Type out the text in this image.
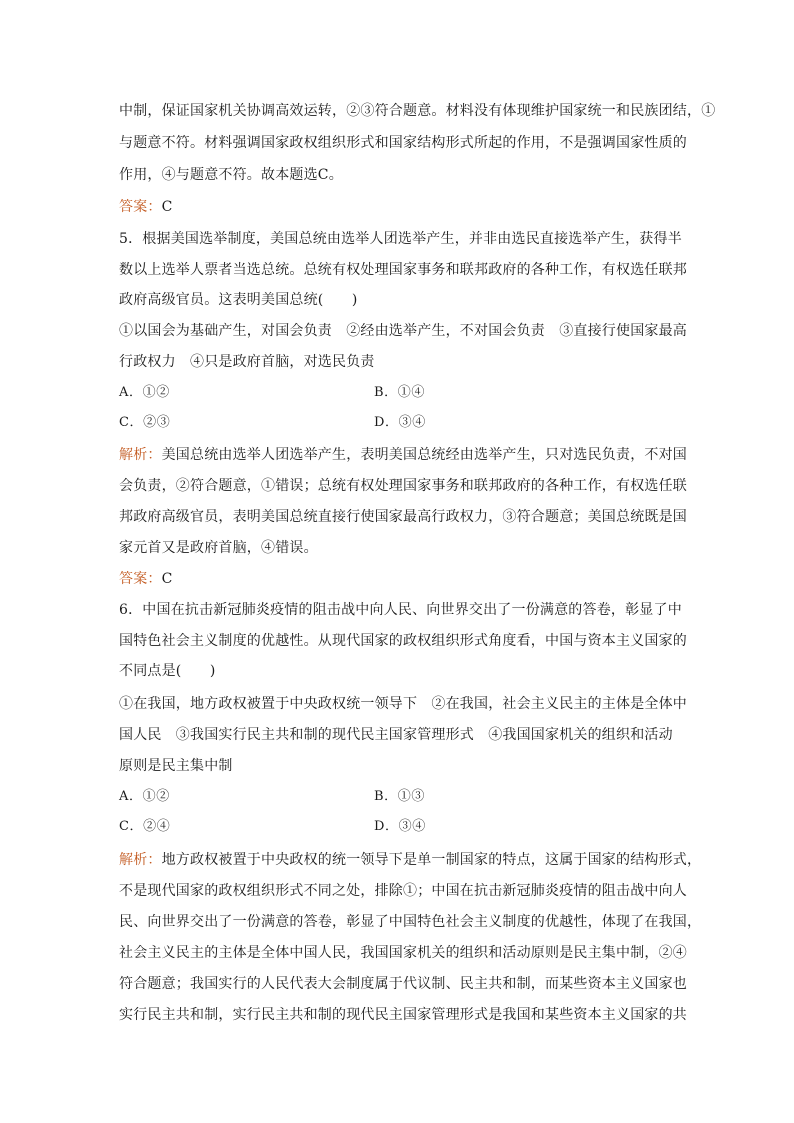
中制，保证国家机关协调高效运转，②③符合题意。材料没有体现维护国家统一和民族团结，①
与题意不符。材料强调国家政权组织形式和国家结构形式所起的作用，不是强调国家性质的
作用，④与题意不符。故本题选C。
答案：C
5．根据美国选举制度，美国总统由选举人团选举产生，并非由选民直接选举产生，获得半
数以上选举人票者当选总统。总统有权处理国家事务和联邦政府的各种工作，有权选任联邦
政府高级官员。这表明美国总统(　　)
①以国会为基础产生，对国会负责　②经由选举产生，不对国会负责　③直接行使国家最高
行政权力　④只是政府首脑，对选民负责
A．①②	B．①④
C．②③	D．③④
解析：美国总统由选举人团选举产生，表明美国总统经由选举产生，只对选民负责，不对国
会负责，②符合题意，①错误；总统有权处理国家事务和联邦政府的各种工作，有权选任联
邦政府高级官员，表明美国总统直接行使国家最高行政权力，③符合题意；美国总统既是国
家元首又是政府首脑，④错误。
答案：C
6．中国在抗击新冠肺炎疫情的阻击战中向人民、向世界交出了一份满意的答卷，彰显了中
国特色社会主义制度的优越性。从现代国家的政权组织形式角度看，中国与资本主义国家的
不同点是(　　)
①在我国，地方政权被置于中央政权统一领导下　②在我国，社会主义民主的主体是全体中
国人民　③我国实行民主共和制的现代民主国家管理形式　④我国国家机关的组织和活动
原则是民主集中制
A．①②	B．①③
C．②④	D．③④
解析：地方政权被置于中央政权的统一领导下是单一制国家的特点，这属于国家的结构形式，
不是现代国家的政权组织形式不同之处，排除①；中国在抗击新冠肺炎疫情的阻击战中向人
民、向世界交出了一份满意的答卷，彰显了中国特色社会主义制度的优越性，体现了在我国，
社会主义民主的主体是全体中国人民，我国国家机关的组织和活动原则是民主集中制，②④
符合题意；我国实行的人民代表大会制度属于代议制、民主共和制，而某些资本主义国家也
实行民主共和制，实行民主共和制的现代民主国家管理形式是我国和某些资本主义国家的共
